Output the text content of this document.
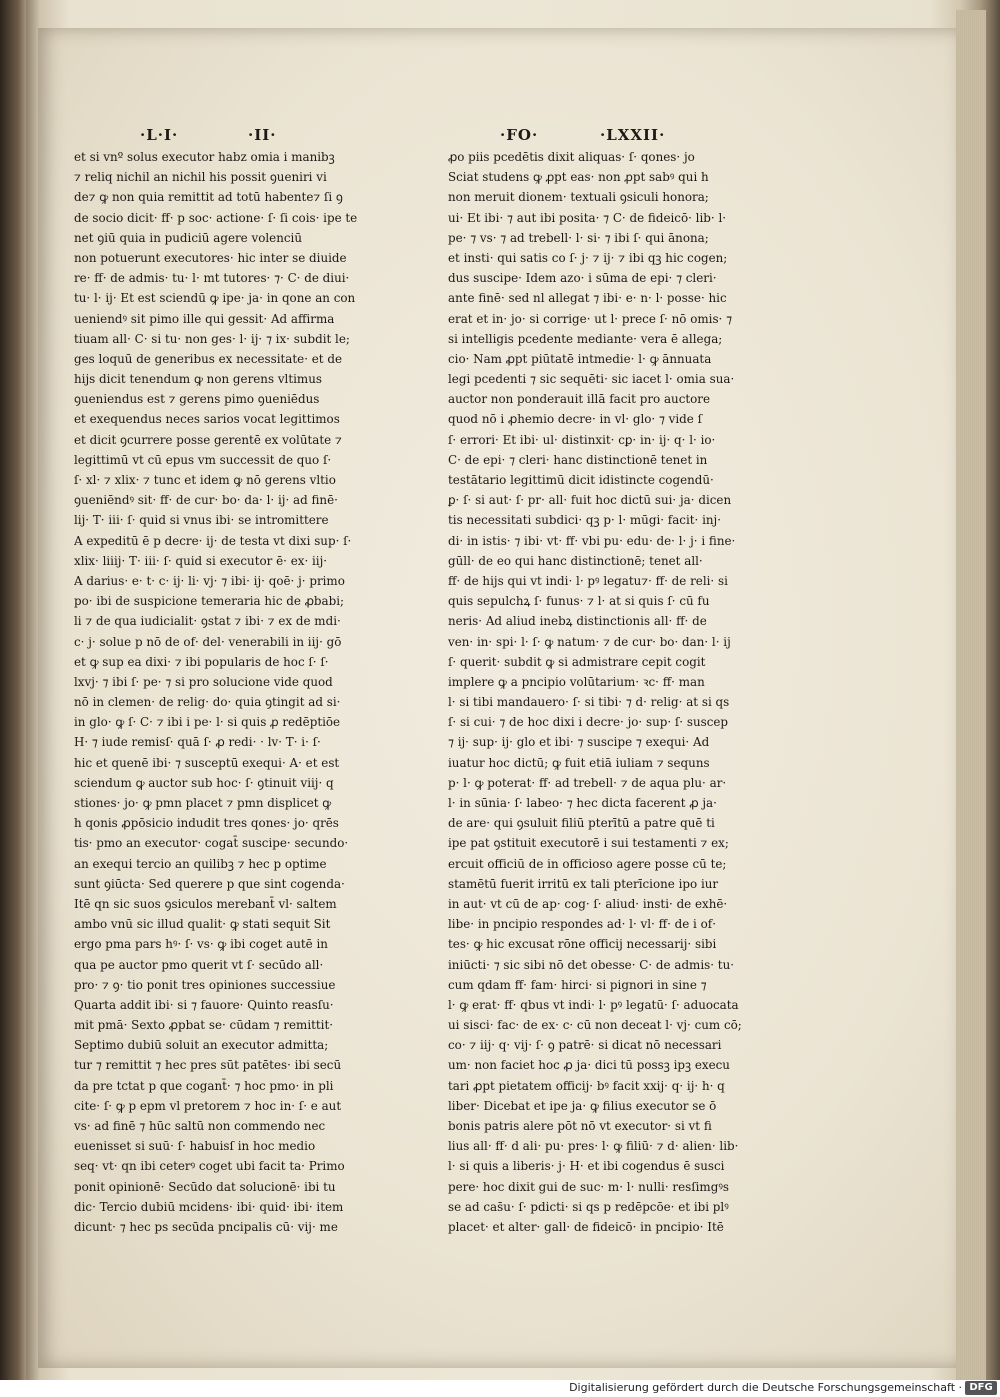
·L·I·	·II·	·FO·	·LXXII·
et si vnº solus executor habz omia i manibꝫ
⁊ reliq nichil an nichil his possit ꝯueniri vi
de⁊ ꝙ non quia remittit ad totū habente⁊ ſi ꝯ
de socio dicit· ff· p soc· actione· ſ· ſi cois· ipe te
net ꝯiū quia in pudiciū agere volenciū
non potuerunt executores· hic inter se diuide
re· ff· de admis· tu· l· mt tutores· ⁊· C· de diui·
tu· l· ij· Et est sciendū ꝙ ipe· ja· in qone an con
ueniendꝰ sit pimo ille qui gessit· Ad affirma
tiuam all· C· si tu· non ges· l· ij· ⁊ ix· subdit le;
ges loquū de generibus ex necessitate· et de
hijs dicit tenendum ꝙ non gerens vltimus
ꝯueniendus est ⁊ gerens pimo ꝯueniēdus
et exequendus neces sarios vocat legittimos
et dicit ꝯcurrere posse gerentē ex volūtate ⁊
legittimū vt cū epus vm successit de quo ſ·
ſ· xl· ⁊ xlix· ⁊ tunc et idem ꝙ nō gerens vltio
ꝯueniēndꝰ sit· ff· de cur· bo· da· l· ij· ad finē·
lij· T· iii· ſ· quid si vnus ibi· se intromittere
A expeditū ē p decre· ij· de testa vt dixi sup· ſ·
xlix· liiij· T· iii· ſ· quid si executor ē· ex· iij·
A darius· e· t· c· ij· li· vj· ⁊ ibi· ij· qoē· j· primo
po· ibi de suspicione temeraria hic de ꝓbabi;
li ⁊ de qua iudicialit· ꝯstat ⁊ ibi· ⁊ ex de mdi·
c· j· solue p nō de of· del· venerabili in iij· gō
et ꝙ sup ea dixi· ⁊ ibi popularis de hoc ſ· ſ·
lxvj· ⁊ ibi ſ· pe· ⁊ si pro solucione vide quod
nō in clemen· de relig· do· quia ꝯtingit ad si·
in glo· ꝙ ſ· C· ⁊ ibi i pe· l· si quis ꝓ redēptiōe
H· ⁊ iude remisſ· quā ſ· ꝓ redi· · lv· T· i· ſ·
hic et quenē ibi· ⁊ susceptū exequi· A· et est
sciendum ꝙ auctor sub hoc· ſ· ꝯtinuit viij· q
stiones· jo· ꝙ pmn placet ⁊ pmn displicet ꝙ
h qonis ꝓpōsicio indudit tres qones· jo· qrēs
tis· pmo an executor· cogat̄ suscipe· secundo·
an exequi tercio an quilibꝫ ⁊ hec p optime
sunt ꝯiūcta· Sed querere p que sint cogenda·
Itē qn sic suos ꝯsiculos merebant̄ vl· saltem
ambo vnū sic illud qualit· ꝙ stati sequit Sit
ergo pma pars hꝰ· ſ· vs· ꝙ ibi coget autē in
qua pe auctor pmo querit vt ſ· secūdo all·
pro· ⁊ ꝯ· tio ponit tres opiniones successiue
Quarta addit ibi· si ⁊ fauore· Quinto reasſu·
mit pmā· Sexto ꝓpbat se· cūdam ⁊ remittit·
Septimo dubiū soluit an executor admitta;
tur ⁊ remittit ⁊ hec pres sūt patētes· ibi secū
da pre tctat p que cogant̄· ⁊ hoc pmo· in pli
cite· ſ· ꝙ p epm vl pretorem ⁊ hoc in· ſ· e aut
vs· ad finē ⁊ hūc saltū non commendo nec
euenisset si suū· ſ· habuisſ in hoc medio
seq· vt· qn ibi ceterꝰ coget ubi facit ta· Primo
ponit opinionē· Secūdo dat solucionē· ibi tu
dic· Tercio dubiū mcidens· ibi· quid· ibi· item
dicunt· ⁊ hec ps secūda pncipalis cū· vij· me
ꝓo piis pcedētis dixit aliquas· ſ· qones· jo
Sciat studens ꝙ ꝓpt eas· non ꝓpt sabꝰ qui h
non meruit dionem· textuali ꝯsiculi honora;
ui· Et ibi· ⁊ aut ibi posita· ⁊ C· de fideicō· lib· l·
pe· ⁊ vs· ⁊ ad trebell· l· si· ⁊ ibi ſ· qui ānona;
et insti· qui satis co ſ· j· ⁊ ij· ⁊ ibi qꝫ hic cogen;
dus suscipe· Idem azo· i sūma de epi· ⁊ cleri·
ante finē· sed nl allegat ⁊ ibi· e· n· l· posse· hic
erat et in· jo· si corrige· ut l· prece ſ· nō omis· ⁊
si intelligis pcedente mediante· vera ē allega;
cio· Nam ꝓpt piūtatē intmedie· l· ꝙ ānnuata
legi pcedenti ⁊ sic sequēti· sic iacet l· omia sua·
auctor non ponderauit illā facit pro auctore
quod nō i ꝓhemio decre· in vl· glo· ⁊ vide ſ
ſ· errori· Et ibi· ul· distinxit· cꝑ· in· ij· q· l· io·
C· de epi· ⁊ cleri· hanc distinctionē tenet in
testātario legittimū dicit idistincte cogendū·
ꝑ· ſ· si aut· ſ· pr· all· fuit hoc dictū sui· ja· dicen
tis necessitati subdici· qꝫ p· l· mūgi· facit· inj·
di· in istis· ⁊ ibi· vt· ff· vbi pu· edu· de· l· j· i fine·
gūll· de eo qui hanc distinctionē; tenet all·
ff· de hijs qui vt indi· l· pꝰ legatu⁊· ff· de reli· si
quis sepulchꝝ ſ· funus· ⁊ l· at si quis ſ· cū fu
neris· Ad aliud inebꝝ distinctionis all· ff· de
ven· in· spi· l· ſ· ꝙ natum· ⁊ de cur· bo· dan· l· ij
ſ· querit· subdit ꝙ si admistrare cepit cogit
implere ꝙ a pncipio volūtarium· ꝛc· ff· man
l· si tibi mandauero· ſ· si tibi· ⁊ d· relig· at si qs
ſ· si cui· ⁊ de hoc dixi i decre· jo· sup· ſ· suscep
⁊ ij· sup· ij· glo et ibi· ⁊ suscipe ⁊ exequi· Ad
iuatur hoc dictū; ꝙ fuit etiā iuliam ⁊ sequns
p· l· ꝙ poterat· ff· ad trebell· ⁊ de aqua plu· ar·
l· in sūnia· ſ· labeo· ⁊ hec dicta facerent ꝓ ja·
de are· qui ꝯsuluit filiū pterītū a patre quē ti
ipe pat ꝯstituit executorē i sui testamenti ⁊ ex;
ercuit officiū de in officioso agere posse cū te;
stamētū fuerit irritū ex tali pterīcione ipo iur
in aut· vt cū de ap· cog· ſ· aliud· insti· de exhē·
libe· in pncipio respondes ad· l· vl· ff· de i of·
tes· ꝙ hic excusat rōne officij necessarij· sibi
iniūcti· ⁊ sic sibi nō det obesse· C· de admis· tu·
cum qdam ff· fam· hirci· si pignori in sine ⁊
l· ꝙ erat· ff· qbus vt indi· l· pꝰ legatū· ſ· aduocata
ui sisci· fac· de ex· c· cū non deceat l· vj· cum cō;
co· ⁊ iij· q· vij· ſ· ꝯ patrē· si dicat nō necessari
um· non faciet hoc ꝓ ja· dici tū possꝫ ipꝫ execu
tari ꝓpt pietatem officij· bꝰ facit xxij· q· ij· h· q
liber· Dicebat et ipe ja· ꝙ filius executor se ō
bonis patris alere pōt nō vt executor· si vt fi
lius all· ff· d ali· pu· pres· l· ꝙ filiū· ⁊ d· alien· lib·
l· si quis a liberis· j· H· et ibi cogendus ē susci
pere· hoc dixit gui de suc· m· l· nulli· resſimgꝰs
se ad cas̄u· ſ· pdicti· si qs p redēpcōe· et ibi plꝰ
placet· et alter· gall· de fideicō· in pncipio· Itē
Digitalisierung gefördert durch die Deutsche Forschungsgemeinschaft · DFG
